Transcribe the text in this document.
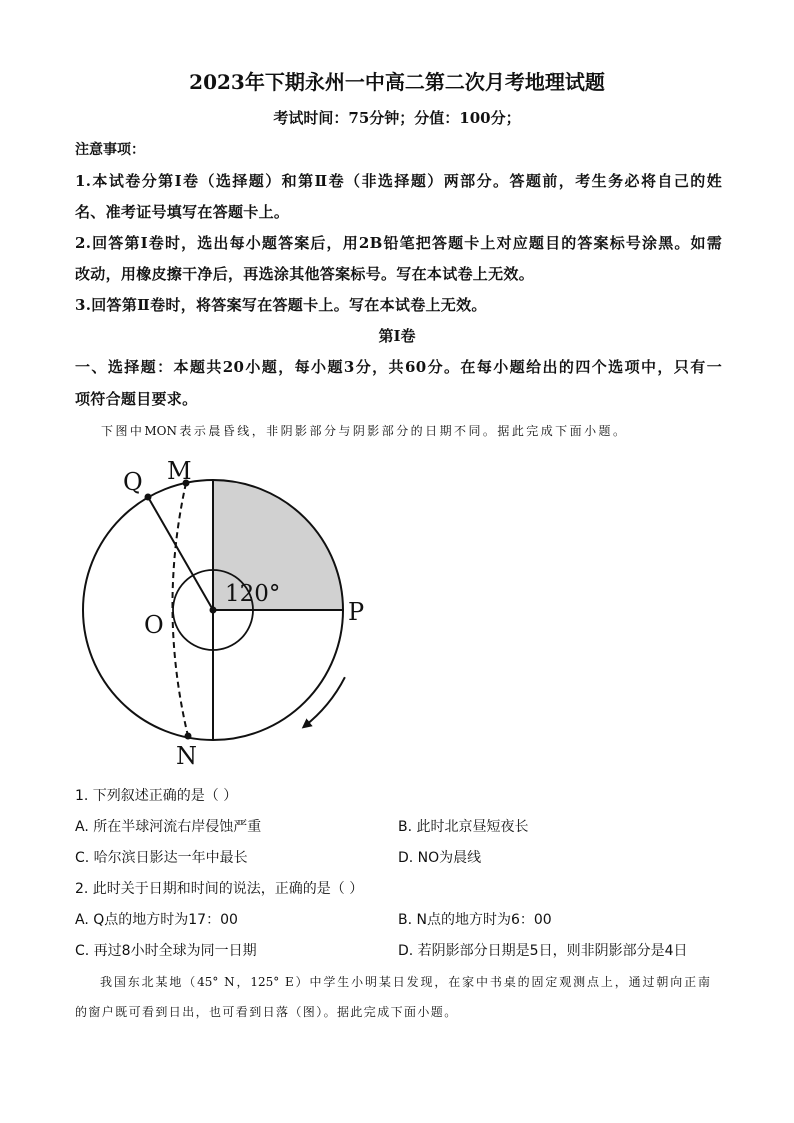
2023年下期永州一中高二第二次月考地理试题
考试时间：75分钟；分值：100分；
注意事项：
1.本试卷分第Ⅰ卷（选择题）和第Ⅱ卷（非选择题）两部分。答题前，考生务必将自己的姓
名、准考证号填写在答题卡上。
2.回答第Ⅰ卷时，选出每小题答案后，用2B铅笔把答题卡上对应题目的答案标号涂黑。如需
改动，用橡皮擦干净后，再选涂其他答案标号。写在本试卷上无效。
3.回答第Ⅱ卷时，将答案写在答题卡上。写在本试卷上无效。
第Ⅰ卷
一、选择题：本题共20小题，每小题3分，共60分。在每小题给出的四个选项中，只有一
项符合题目要求。
下图中MON表示晨昏线，非阴影部分与阴影部分的日期不同。据此完成下面小题。
Q M
O	P
N
120°
1. 下列叙述正确的是（ ）
A. 所在半球河流右岸侵蚀严重	B. 此时北京昼短夜长
C. 哈尔滨日影达一年中最长	D. NO为晨线
2. 此时关于日期和时间的说法，正确的是（ ）
A. Q点的地方时为17：00	B. N点的地方时为6：00
C. 再过8小时全球为同一日期	D. 若阴影部分日期是5日，则非阴影部分是4日
我国东北某地（45° N，125° E）中学生小明某日发现，在家中书桌的固定观测点上，通过朝向正南
的窗户既可看到日出，也可看到日落（图）。据此完成下面小题。
